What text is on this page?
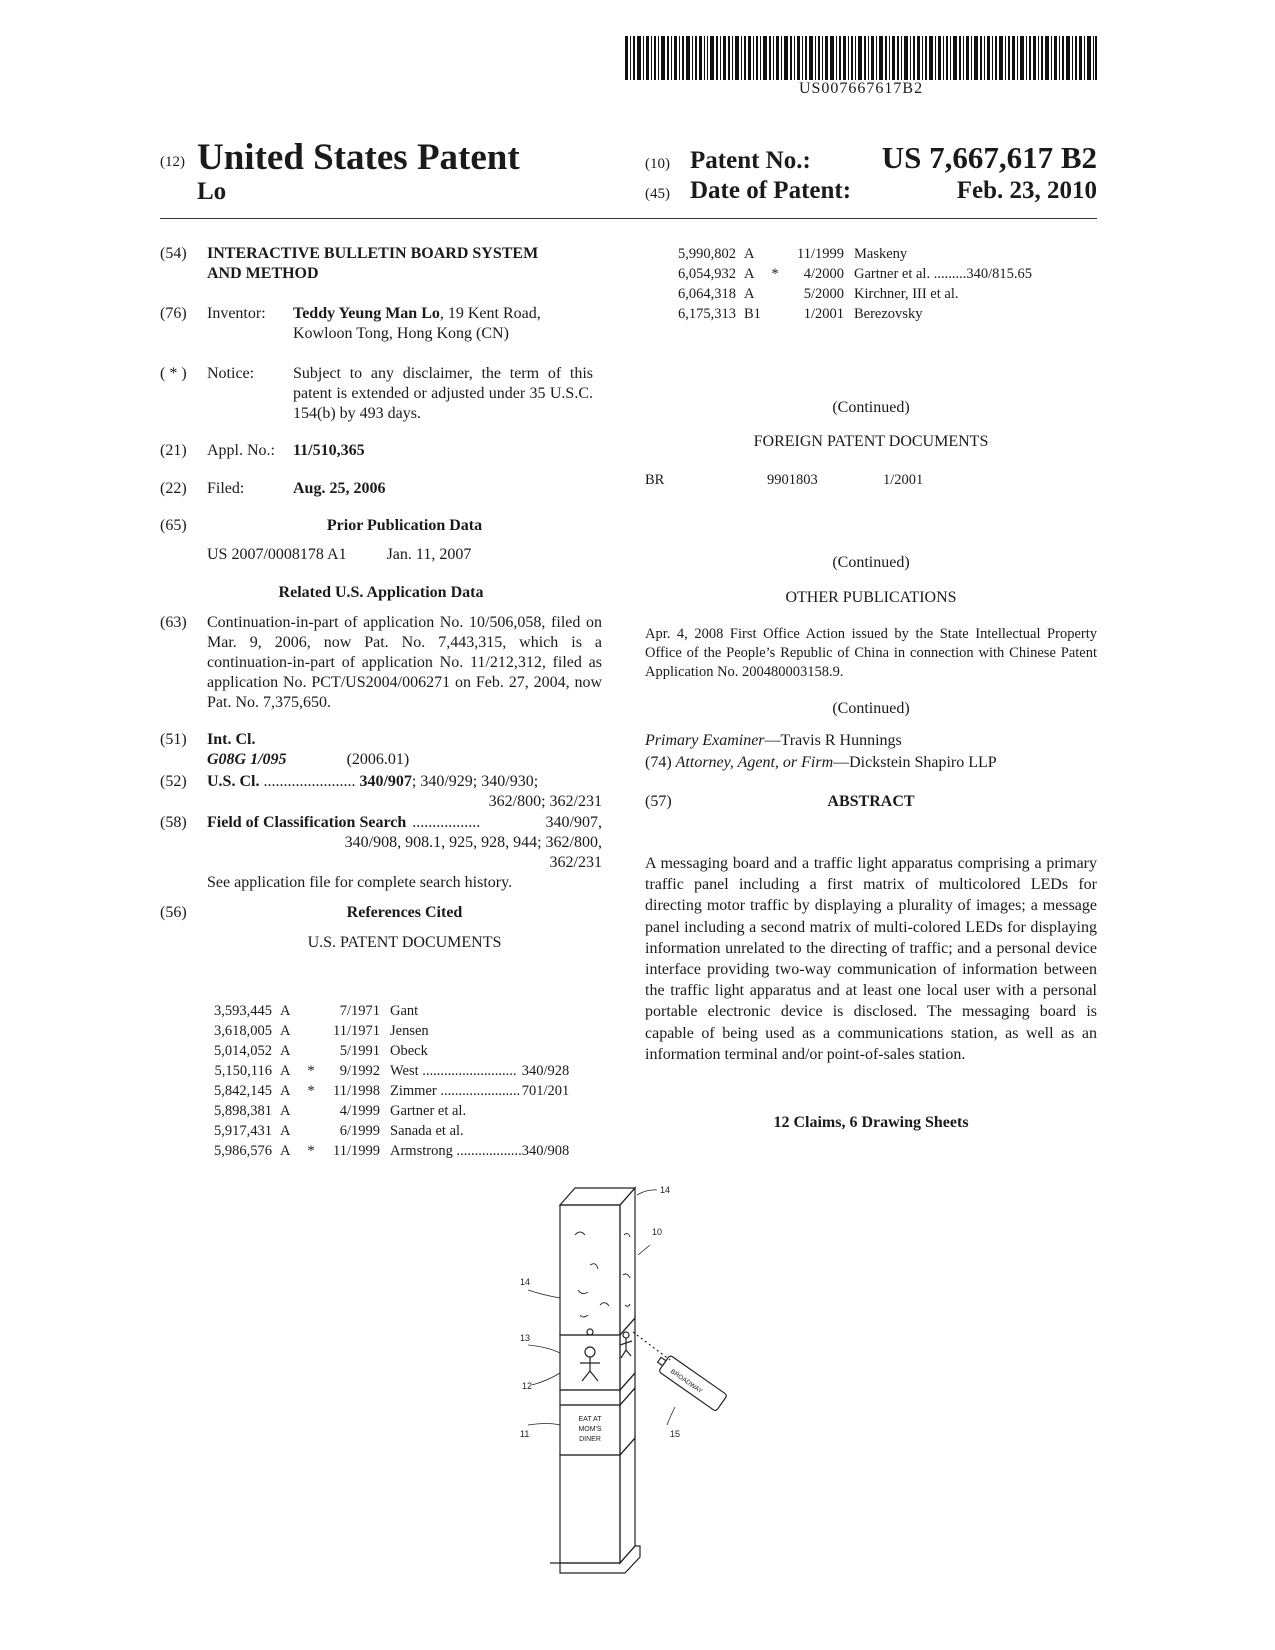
US007667617B2
(12) United States Patent
Lo
(10) Patent No.: US 7,667,617 B2
(45) Date of Patent:	Feb. 23, 2010
(54) INTERACTIVE BULLETIN BOARD SYSTEM
AND METHOD
(76) Inventor: Teddy Yeung Man Lo, 19 Kent Road,
Kowloon Tong, Hong Kong (CN)
( * ) Notice: Subject to any disclaimer, the term of this patent is extended or adjusted under 35 U.S.C. 154(b) by 493 days.
(21) Appl. No.: 11/510,365
(22) Filed:	Aug. 25, 2006
(65)	Prior Publication Data
US 2007/0008178 A1	Jan. 11, 2007
Related U.S. Application Data
(63) Continuation-in-part of application No. 10/506,058, filed on Mar. 9, 2006, now Pat. No. 7,443,315, which is a continuation-in-part of application No. 11/212,312, filed as application No. PCT/US2004/006271 on Feb. 27, 2004, now Pat. No. 7,375,650.
(51) Int. Cl.
G08G 1/095	(2006.01)
(52) U.S. Cl. ....................... 340/907; 340/929; 340/930;
362/800; 362/231
(58) Field of Classification Search .................	340/907,
340/908, 908.1, 925, 928, 944; 362/800,
362/231
See application file for complete search history.
(56)	References Cited
U.S. PATENT DOCUMENTS
3,593,445	A		7/1971	Gant	
3,618,005	A		11/1971	Jensen	
5,014,052	A		5/1991	Obeck	
5,150,116	A	*	9/1992	West ..........................	340/928
5,842,145	A	*	11/1998	Zimmer ......................	701/201
5,898,381	A		4/1999	Gartner et al.	
5,917,431	A		6/1999	Sanada et al.	
5,986,576	A	*	11/1999	Armstrong ..................	340/908
5,990,802	A		11/1999	Maskeny	
6,054,932	A	*	4/2000	Gartner et al. .........	340/815.65
6,064,318	A		5/2000	Kirchner, III et al.	
6,175,313	B1		1/2001	Berezovsky	
(Continued)
FOREIGN PATENT DOCUMENTS
BR	9901803	1/2001
(Continued)
OTHER PUBLICATIONS
Apr. 4, 2008 First Office Action issued by the State Intellectual Property Office of the People’s Republic of China in connection with Chinese Patent Application No. 200480003158.9.
(Continued)
Primary Examiner—Travis R Hunnings
(74) Attorney, Agent, or Firm—Dickstein Shapiro LLP
(57)	ABSTRACT
A messaging board and a traffic light apparatus comprising a primary traffic panel including a first matrix of multicolored LEDs for directing motor traffic by displaying a plurality of images; a message panel including a second matrix of multi-colored LEDs for displaying information unrelated to the directing of traffic; and a personal device interface providing two-way communication of information between the traffic light apparatus and at least one local user with a personal portable electronic device is disclosed. The messaging board is capable of being used as a communications station, as well as an information terminal and/or point-of-sales station.
12 Claims, 6 Drawing Sheets
BROADWAY
EAT AT
MOM'S
DINER
14
10
14
13
12
11	15
